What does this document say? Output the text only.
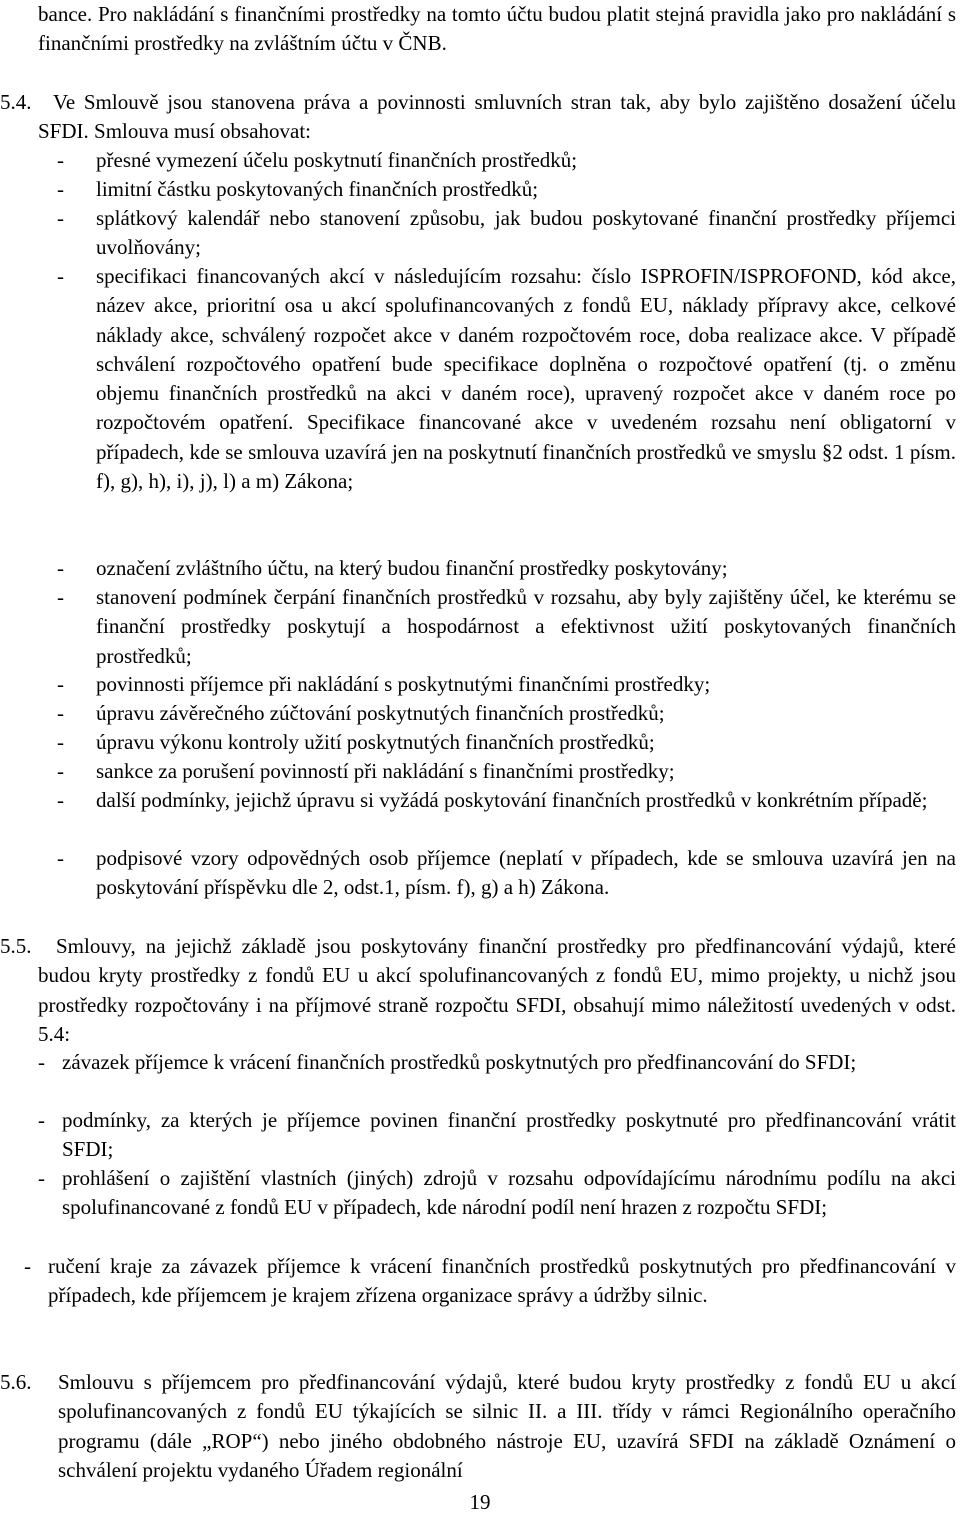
bance. Pro nakládání s finančními prostředky na tomto účtu budou platit stejná pravidla jako pro nakládání s finančními prostředky na zvláštním účtu v ČNB.
5.4.	Ve Smlouvě jsou stanovena práva a povinnosti smluvních stran tak, aby bylo zajištěno dosažení účelu SFDI. Smlouva musí obsahovat:
- přesné vymezení účelu poskytnutí finančních prostředků;
- limitní částku poskytovaných finančních prostředků;
- splátkový kalendář nebo stanovení způsobu, jak budou poskytované finanční prostředky příjemci uvolňovány;
- specifikaci financovaných akcí v následujícím rozsahu: číslo ISPROFIN/ISPROFOND, kód akce, název akce, prioritní osa u akcí spolufinancovaných z fondů EU, náklady přípravy akce, celkové náklady akce, schválený rozpočet akce v daném rozpočtovém roce, doba realizace akce. V případě schválení rozpočtového opatření bude specifikace doplněna o rozpočtové opatření (tj. o změnu objemu finančních prostředků na akci v daném roce), upravený rozpočet akce v daném roce po rozpočtovém opatření. Specifikace financované akce v uvedeném rozsahu není obligatorní v případech, kde se smlouva uzavírá jen na poskytnutí finančních prostředků ve smyslu §2 odst. 1 písm. f), g), h), i), j), l) a m) Zákona;
- označení zvláštního účtu, na který budou finanční prostředky poskytovány;
- stanovení podmínek čerpání finančních prostředků v rozsahu, aby byly zajištěny účel, ke kterému se finanční prostředky poskytují a hospodárnost a efektivnost užití poskytovaných finančních prostředků;
- povinnosti příjemce při nakládání s poskytnutými finančními prostředky;
- úpravu závěrečného zúčtování poskytnutých finančních prostředků;
- úpravu výkonu kontroly užití poskytnutých finančních prostředků;
- sankce za porušení povinností při nakládání s finančními prostředky;
- další podmínky, jejichž úpravu si vyžádá poskytování finančních prostředků v konkrétním případě;
- podpisové vzory odpovědných osob příjemce (neplatí v případech, kde se smlouva uzavírá jen na poskytování příspěvku dle 2, odst.1, písm. f), g) a h) Zákona.
5.5.	Smlouvy, na jejichž základě jsou poskytovány finanční prostředky pro předfinancování výdajů, které budou kryty prostředky z fondů EU u akcí spolufinancovaných z fondů EU, mimo projekty, u nichž jsou prostředky rozpočtovány i na příjmové straně rozpočtu SFDI, obsahují mimo náležitostí uvedených v odst. 5.4:
- závazek příjemce k vrácení finančních prostředků poskytnutých pro předfinancování do SFDI;
- podmínky, za kterých je příjemce povinen finanční prostředky poskytnuté pro předfinancování vrátit SFDI;
- prohlášení o zajištění vlastních (jiných) zdrojů v rozsahu odpovídajícímu národnímu podílu na akci spolufinancované z fondů EU v případech, kde národní podíl není hrazen z rozpočtu SFDI;
- ručení kraje za závazek příjemce k vrácení finančních prostředků poskytnutých pro předfinancování v případech, kde příjemcem je krajem zřízena organizace správy a údržby silnic.
5.6. Smlouvu s příjemcem pro předfinancování výdajů, které budou kryty prostředky z fondů EU u akcí spolufinancovaných z fondů EU týkajících se silnic II. a III. třídy v rámci Regionálního operačního programu (dále „ROP“) nebo jiného obdobného nástroje EU, uzavírá SFDI na základě Oznámení o schválení projektu vydaného Úřadem regionální
19
